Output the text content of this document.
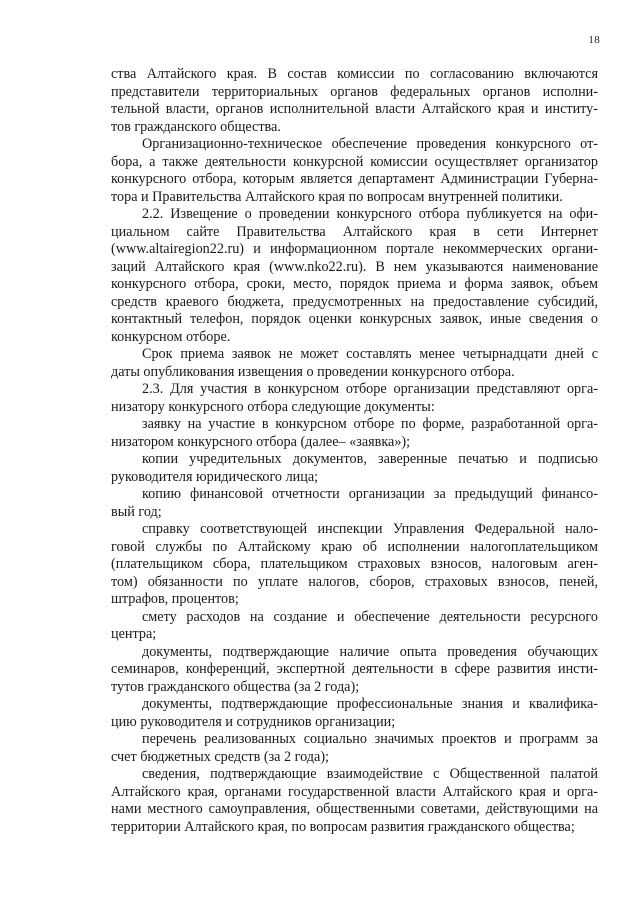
18
ства Алтайского края. В состав комиссии по согласованию включаются
представители территориальных органов федеральных органов исполни-
тельной власти, органов исполнительной власти Алтайского края и институ-
тов гражданского общества.
Организационно-техническое обеспечение проведения конкурсного от-
бора, а также деятельности конкурсной комиссии осуществляет организатор
конкурсного отбора, которым является департамент Администрации Губерна-
тора и Правительства Алтайского края по вопросам внутренней политики.
2.2. Извещение о проведении конкурсного отбора публикуется на офи-
циальном сайте Правительства Алтайского края в сети Интернет
(www.altairegion22.ru) и информационном портале некоммерческих органи-
заций Алтайского края (www.nko22.ru). В нем указываются наименование
конкурсного отбора, сроки, место, порядок приема и форма заявок, объем
средств краевого бюджета, предусмотренных на предоставление субсидий,
контактный телефон, порядок оценки конкурсных заявок, иные сведения о
конкурсном отборе.
Срок приема заявок не может составлять менее четырнадцати дней с
даты опубликования извещения о проведении конкурсного отбора.
2.3. Для участия в конкурсном отборе организации представляют орга-
низатору конкурсного отбора следующие документы:
заявку на участие в конкурсном отборе по форме, разработанной орга-
низатором конкурсного отбора (далее– «заявка»);
копии учредительных документов, заверенные печатью и подписью
руководителя юридического лица;
копию финансовой отчетности организации за предыдущий финансо-
вый год;
справку соответствующей инспекции Управления Федеральной нало-
говой службы по Алтайскому краю об исполнении налогоплательщиком
(плательщиком сбора, плательщиком страховых взносов, налоговым аген-
том) обязанности по уплате налогов, сборов, страховых взносов, пеней,
штрафов, процентов;
смету расходов на создание и обеспечение деятельности ресурсного
центра;
документы, подтверждающие наличие опыта проведения обучающих
семинаров, конференций, экспертной деятельности в сфере развития инсти-
тутов гражданского общества (за 2 года);
документы, подтверждающие профессиональные знания и квалифика-
цию руководителя и сотрудников организации;
перечень реализованных социально значимых проектов и программ за
счет бюджетных средств (за 2 года);
сведения, подтверждающие взаимодействие с Общественной палатой
Алтайского края, органами государственной власти Алтайского края и орга-
нами местного самоуправления, общественными советами, действующими на
территории Алтайского края, по вопросам развития гражданского общества;
